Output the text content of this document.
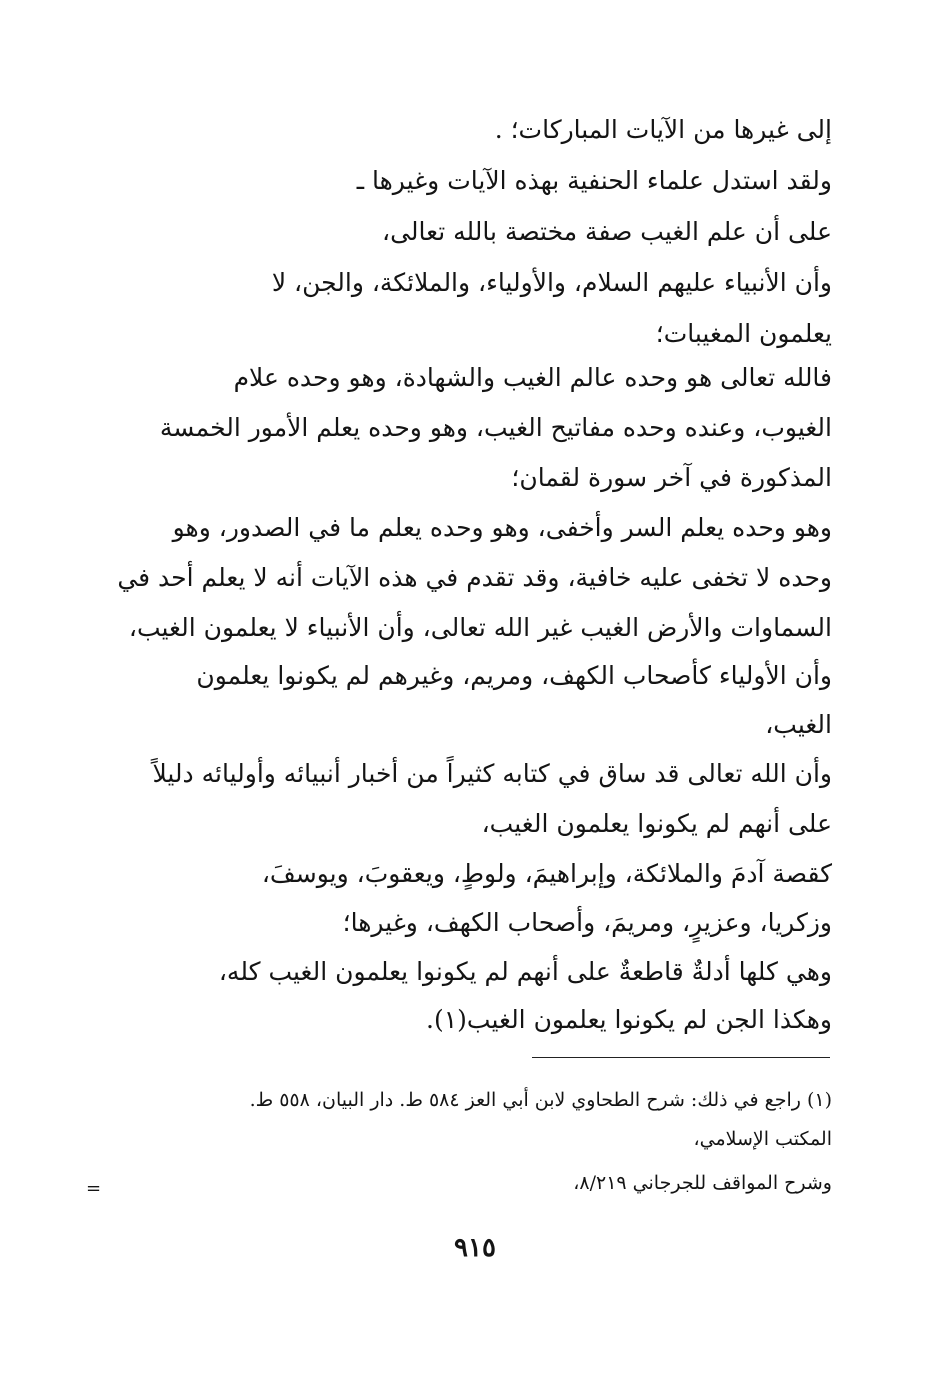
إلى غيرها من الآيات المباركات؛ .
ولقد استدل علماء الحنفية بهذه الآيات وغيرها ـ
على أن علم الغيب صفة مختصة بالله تعالى،
وأن الأنبياء عليهم السلام، والأولياء، والملائكة، والجن، لا
يعلمون المغيبات؛
فالله تعالى هو وحده عالم الغيب والشهادة، وهو وحده علام
الغيوب، وعنده وحده مفاتيح الغيب، وهو وحده يعلم الأمور الخمسة
المذكورة في آخر سورة لقمان؛
وهو وحده يعلم السر وأخفى، وهو وحده يعلم ما في الصدور، وهو
وحده لا تخفى عليه خافية، وقد تقدم في هذه الآيات أنه لا يعلم أحد في
السماوات والأرض الغيب غير الله تعالى، وأن الأنبياء لا يعلمون الغيب،
وأن الأولياء كأصحاب الكهف، ومريم، وغيرهم لم يكونوا يعلمون
الغيب،
وأن الله تعالى قد ساق في كتابه كثيراً من أخبار أنبيائه وأوليائه دليلاً
على أنهم لم يكونوا يعلمون الغيب،
كقصة آدمَ والملائكة، وإبراهيمَ، ولوطٍ، ويعقوبَ، ويوسفَ،
وزكريا، وعزيرٍ، ومريمَ، وأصحاب الكهف، وغيرها؛
وهي كلها أدلةٌ قاطعةٌ على أنهم لم يكونوا يعلمون الغيب كله،
وهكذا الجن لم يكونوا يعلمون الغيب(١).
(١) راجع في ذلك: شرح الطحاوي لابن أبي العز ٥٨٤ ط. دار البيان، ٥٥٨ ط.
المكتب الإسلامي،
وشرح المواقف للجرجاني ٨/٢١٩،
=
٩١٥
